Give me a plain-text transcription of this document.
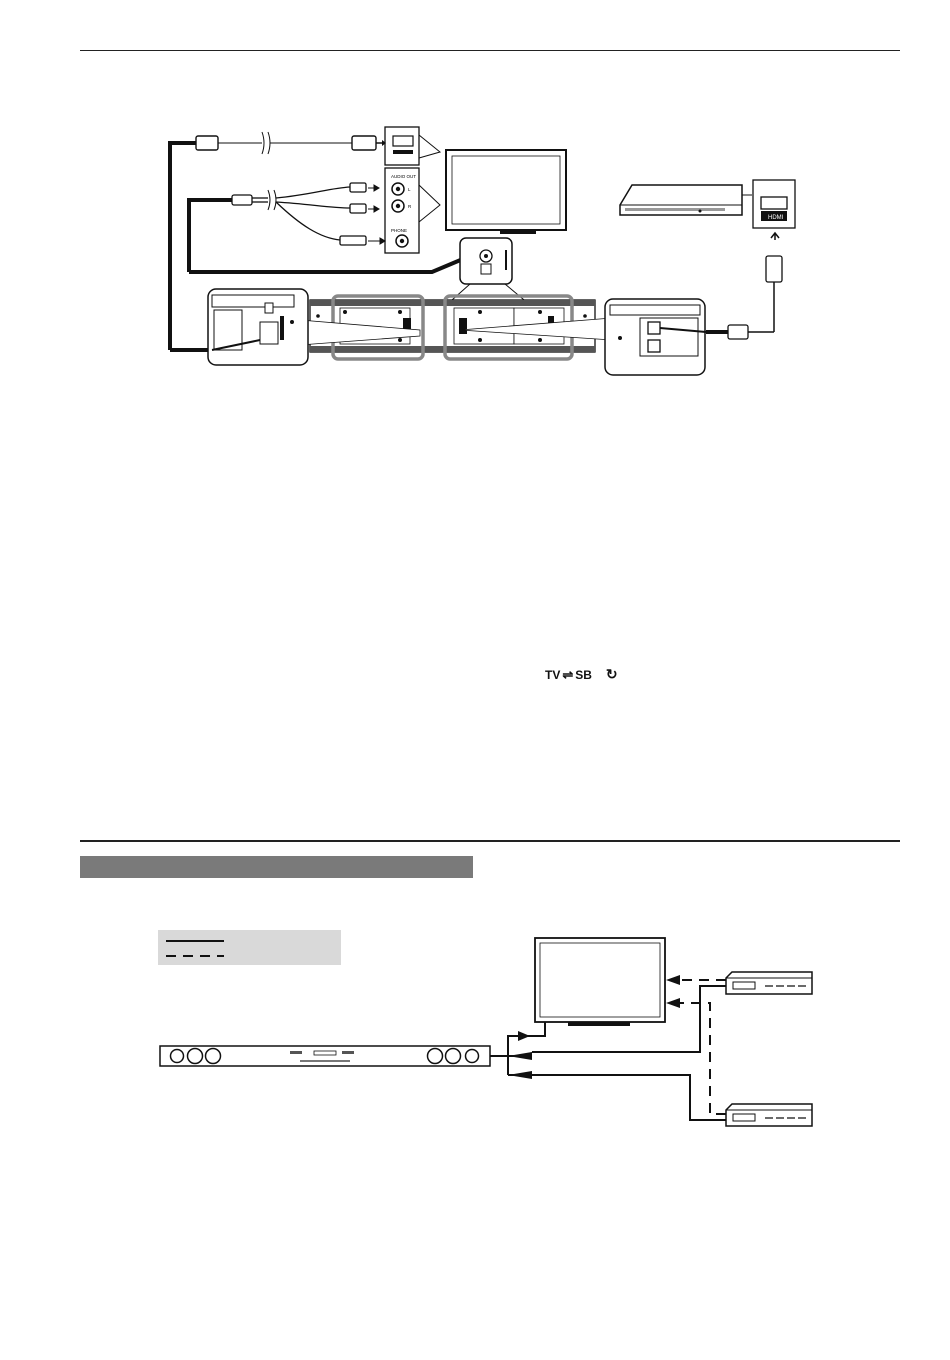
AUDIO OUT
L
R
PHONE
HDMI
TV ⇌ SB ↻
